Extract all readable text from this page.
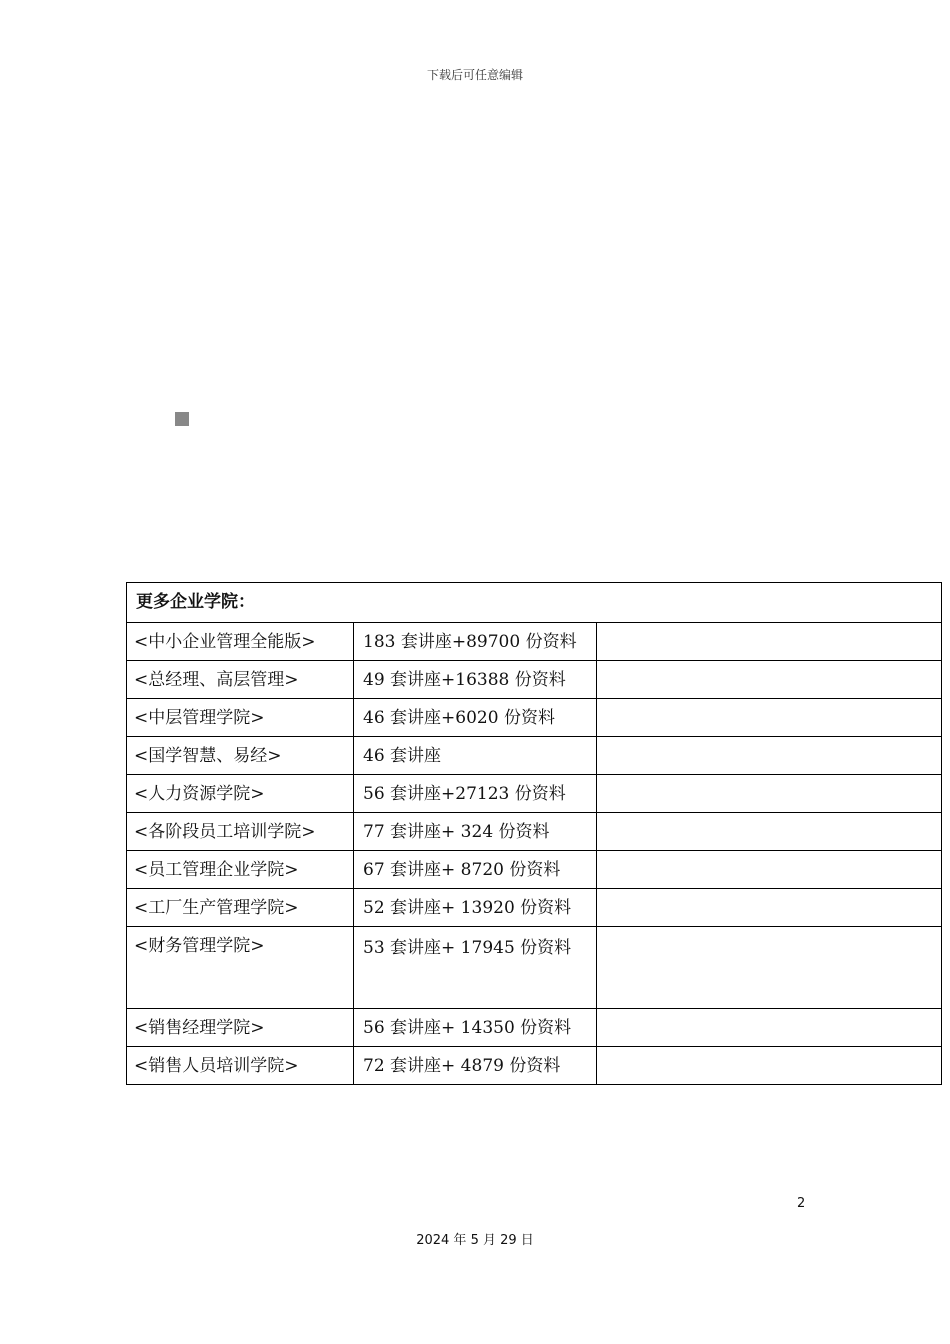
下载后可任意编辑
更多企业学院：		
<中小企业管理全能版>	183 套讲座+89700 份资料	
<总经理、高层管理>	49 套讲座+16388 份资料	
<中层管理学院>	46 套讲座+6020 份资料	
<国学智慧、易经>	46 套讲座	
<人力资源学院>	56 套讲座+27123 份资料	
<各阶段员工培训学院>	77 套讲座+ 324 份资料	
<员工管理企业学院>	67 套讲座+ 8720 份资料	
<工厂生产管理学院>	52 套讲座+ 13920 份资料	
<财务管理学院>	53 套讲座+ 17945 份资料	
<销售经理学院>	56 套讲座+ 14350 份资料	
<销售人员培训学院>	72 套讲座+ 4879 份资料	
2
2024 年 5 月 29 日
